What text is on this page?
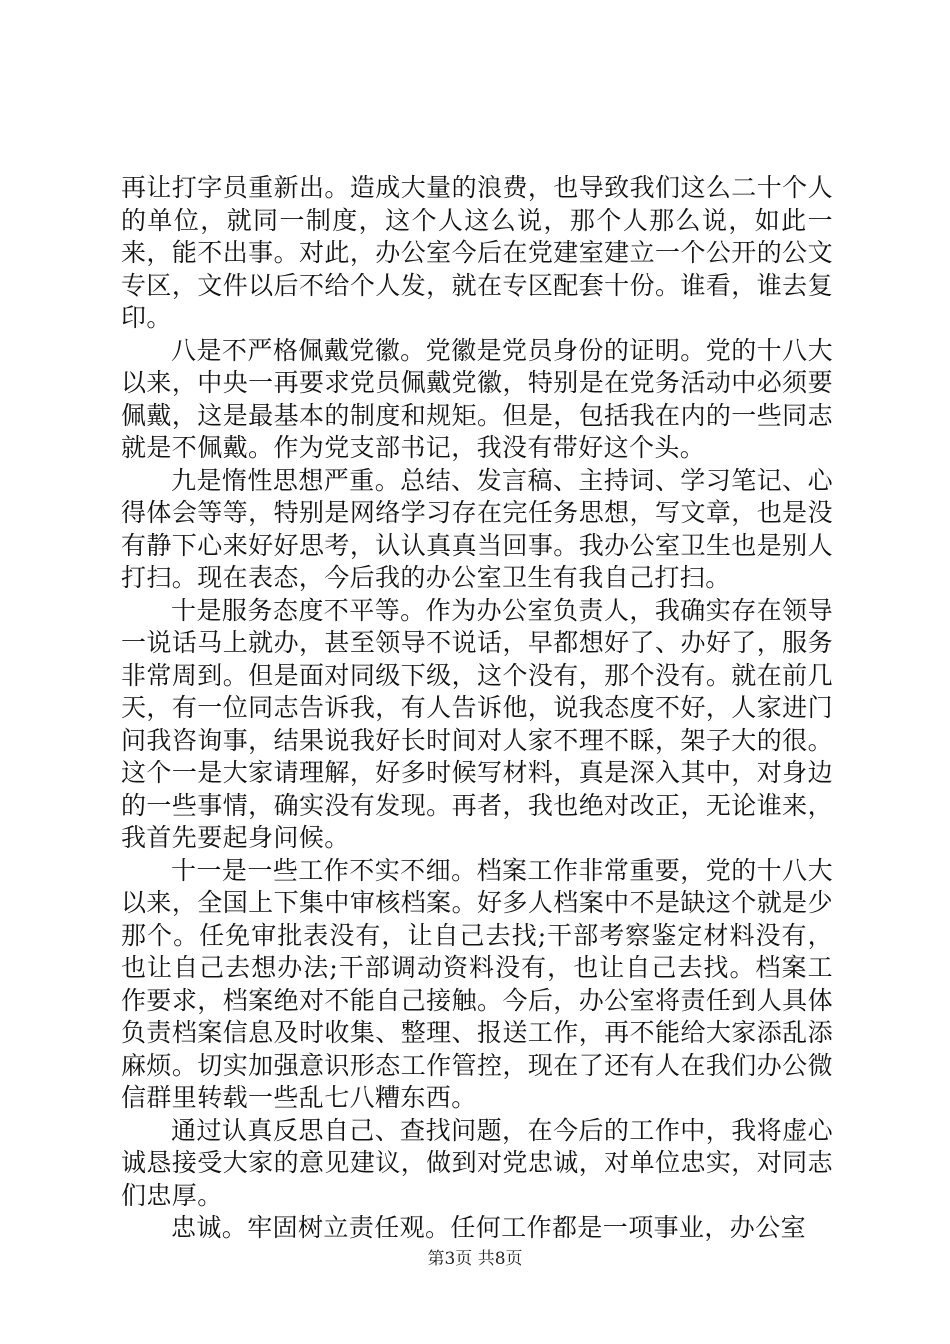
再让打字员重新出。造成大量的浪费，也导致我们这么二十个人的单位，就同一制度，这个人这么说，那个人那么说，如此一来，能不出事。对此，办公室今后在党建室建立一个公开的公文专区，文件以后不给个人发，就在专区配套十份。谁看，谁去复印。

八是不严格佩戴党徽。党徽是党员身份的证明。党的十八大以来，中央一再要求党员佩戴党徽，特别是在党务活动中必须要佩戴，这是最基本的制度和规矩。但是，包括我在内的一些同志就是不佩戴。作为党支部书记，我没有带好这个头。

九是惰性思想严重。总结、发言稿、主持词、学习笔记、心得体会等等，特别是网络学习存在完任务思想，写文章，也是没有静下心来好好思考，认认真真当回事。我办公室卫生也是别人打扫。现在表态，今后我的办公室卫生有我自己打扫。

十是服务态度不平等。作为办公室负责人，我确实存在领导一说话马上就办，甚至领导不说话，早都想好了、办好了，服务非常周到。但是面对同级下级，这个没有，那个没有。就在前几天，有一位同志告诉我，有人告诉他，说我态度不好，人家进门问我咨询事，结果说我好长时间对人家不理不睬，架子大的很。这个一是大家请理解，好多时候写材料，真是深入其中，对身边的一些事情，确实没有发现。再者，我也绝对改正，无论谁来，我首先要起身问候。

十一是一些工作不实不细。档案工作非常重要，党的十八大以来，全国上下集中审核档案。好多人档案中不是缺这个就是少那个。任免审批表没有，让自己去找;干部考察鉴定材料没有，也让自己去想办法;干部调动资料没有，也让自己去找。档案工作要求，档案绝对不能自己接触。今后，办公室将责任到人具体负责档案信息及时收集、整理、报送工作，再不能给大家添乱添麻烦。切实加强意识形态工作管控，现在了还有人在我们办公微信群里转载一些乱七八糟东西。

通过认真反思自己、查找问题，在今后的工作中，我将虚心诚恳接受大家的意见建议，做到对党忠诚，对单位忠实，对同志们忠厚。

忠诚。牢固树立责任观。任何工作都是一项事业，办公室

第3页 共8页
